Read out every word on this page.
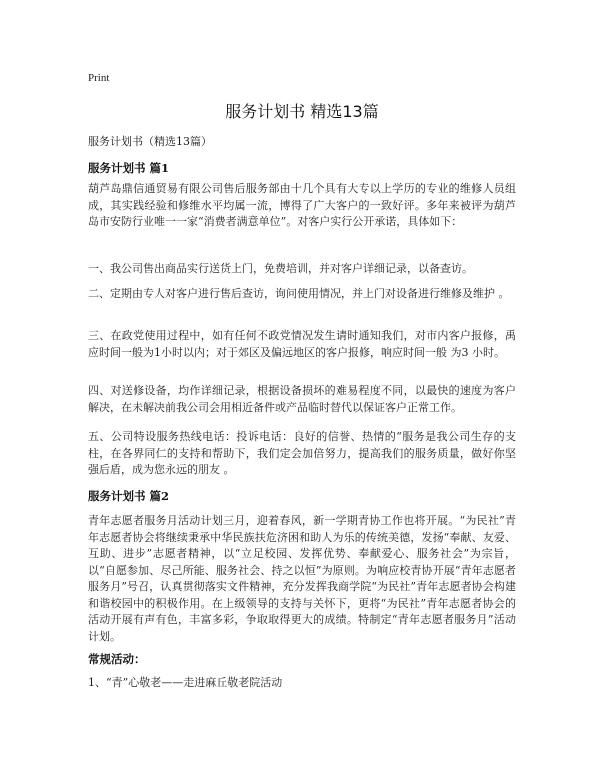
Print
服务计划书 精选13篇

服务计划书（精选13篇）

服务计划书 篇1

葫芦岛鼎信通贸易有限公司售后服务部由十几个具有大专以上学历的专业的维修人员组成，其实践经验和修维水平均属一流，博得了广大客户的一致好评。多年来被评为葫芦岛市安防行业唯一一家“消费者满意单位”。对客户实行公开承诺，具体如下：

一、我公司售出商品实行送货上门，免费培训，并对客户详细记录，以备查访。

二、定期由专人对客户进行售后查访，询问使用情况，并上门对设备进行维修及维护 。

三、在政党使用过程中，如有任何不政党情况发生请时通知我们，对市内客户报修，禹应时间一般为1小时以内；对于郊区及偏远地区的客户报修，响应时间一般 为3 小时。

四、对送修设备，均作详细记录，根据设备损坏的难易程度不同，以最快的速度为客户解决，在未解决前我公司会用相近备件或产品临时替代以保证客户正常工作。

五、公司特设服务热线电话：投诉电话：良好的信誉、热情的“服务是我公司生存的支柱，在各界同仁的支持和帮助下，我们定会加倍努力，提高我们的服务质量，做好你坚强后盾，成为您永远的朋友 。

服务计划书 篇2

青年志愿者服务月活动计划三月，迎着春风，新一学期青协工作也将开展。“为民社”青年志愿者协会将继续秉承中华民族扶危济困和助人为乐的传统美德，发扬“奉献、友爱、互助、进步”志愿者精神，以“立足校园、发挥优势、奉献爱心、服务社会”为宗旨，以“自愿参加、尽己所能、服务社会、持之以恒”为原则。为响应校青协开展“青年志愿者服务月”号召，认真贯彻落实文件精神，充分发挥我商学院“为民社”青年志愿者协会构建和谐校园中的积极作用。在上级领导的支持与关怀下，更将“为民社”青年志愿者协会的活动开展有声有色，丰富多彩，争取取得更大的成绩。特制定“青年志愿者服务月”活动计划。

常规活动：

1、“青”心敬老——走进麻丘敬老院活动
